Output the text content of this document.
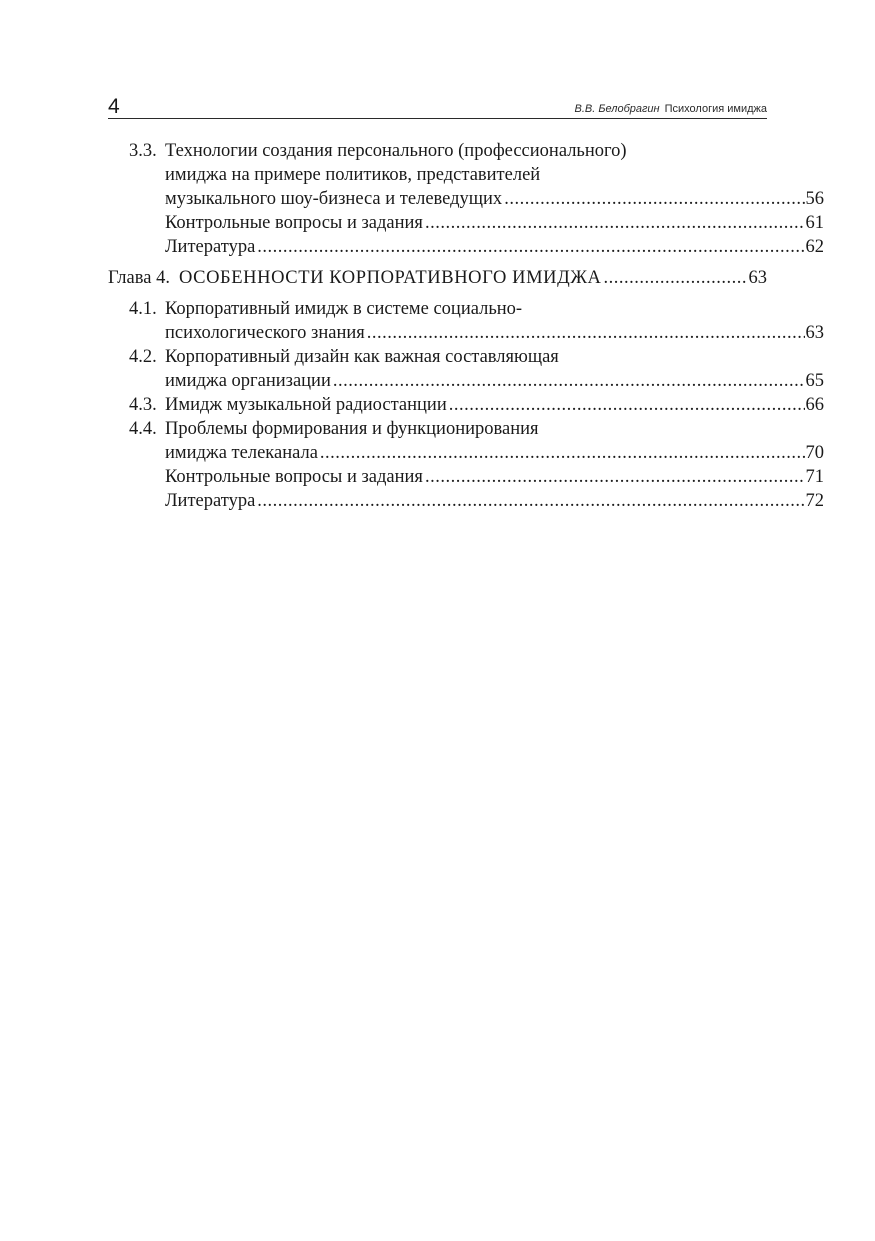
4	В.В. Белобрагин Психология имиджа
3.3. Технологии создания персонального (профессионального)
имиджа на примере политиков, представителей
музыкального шоу-бизнеса и телеведущих .....	56
Контрольные вопросы и задания .....	61
Литература .....	62
Глава 4. ОСОБЕННОСТИ КОРПОРАТИВНОГО ИМИДЖА .....	63
4.1. Корпоративный имидж в системе социально-
психологического знания .....	63
4.2. Корпоративный дизайн как важная составляющая
имиджа организации .....	65
4.3. Имидж музыкальной радиостанции .....	66
4.4. Проблемы формирования и функционирования
имиджа телеканала .....	70
Контрольные вопросы и задания .....	71
Литература .....	72
